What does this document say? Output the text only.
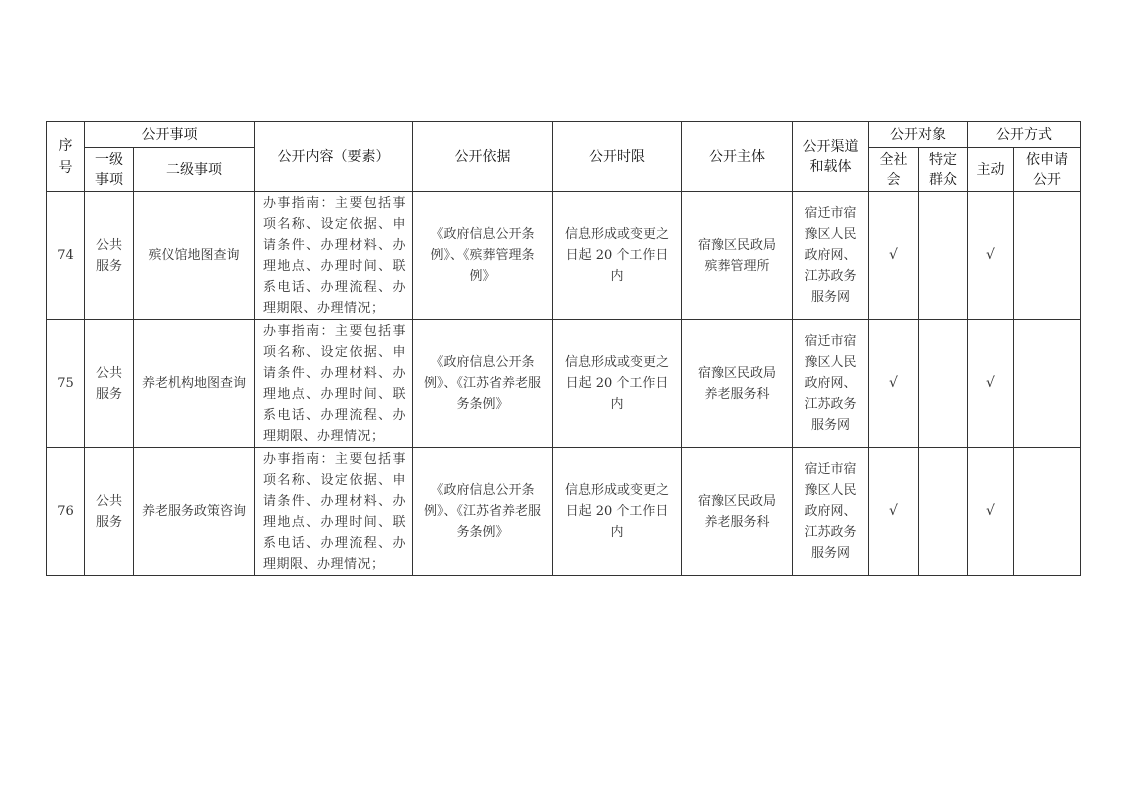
序号	公开事项		公开内容（要素）	公开依据	公开时限	公开主体	公开渠道和载体	公开对象		公开方式	
	一级事项	二级事项						全社会	特定群众	主动	依申请公开
74	公共服务	殡仪馆地图查询	办事指南：主要包括事项名称、设定依据、申请条件、办理材料、办理地点、办理时间、联系电话、办理流程、办理期限、办理情况；	《政府信息公开条例》、《殡葬管理条例》	信息形成或变更之日起 20 个工作日内	宿豫区民政局殡葬管理所	宿迁市宿豫区人民政府网、江苏政务服务网	√		√	
75	公共服务	养老机构地图查询	办事指南：主要包括事项名称、设定依据、申请条件、办理材料、办理地点、办理时间、联系电话、办理流程、办理期限、办理情况；	《政府信息公开条例》、《江苏省养老服务条例》	信息形成或变更之日起 20 个工作日内	宿豫区民政局养老服务科	宿迁市宿豫区人民政府网、江苏政务服务网	√		√	
76	公共服务	养老服务政策咨询	办事指南：主要包括事项名称、设定依据、申请条件、办理材料、办理地点、办理时间、联系电话、办理流程、办理期限、办理情况；	《政府信息公开条例》、《江苏省养老服务条例》	信息形成或变更之日起 20 个工作日内	宿豫区民政局养老服务科	宿迁市宿豫区人民政府网、江苏政务服务网	√		√	
